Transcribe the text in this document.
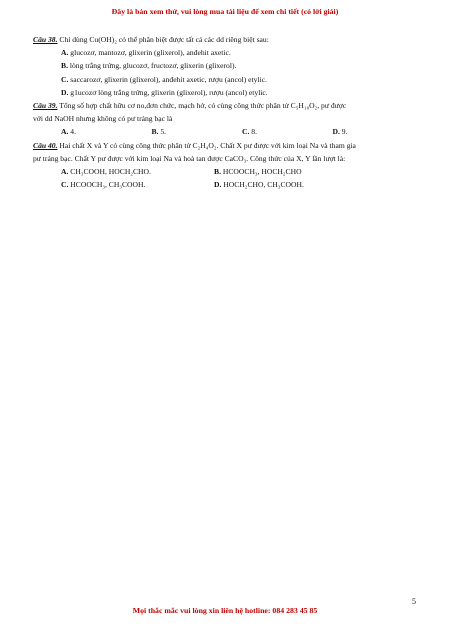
Đây là bản xem thử, vui lòng mua tài liệu để xem chi tiết (có lời giải)
Câu 38. Chỉ dùng Cu(OH)₂ có thể phân biệt được tất cả các dd riêng biệt sau:
A. glucozơ, mantozơ, glixerin (glixerol), anđehit axetic.
B. lòng trắng trứng, glucozơ, fructozơ, glixerin (glixerol).
C. saccarozơ, glixerin (glixerol), anđehit axetic, rượu (ancol) etylic.
D. g1ucozơ lòng trắng trứng, glixerin (glixerol), rượu (ancol) etylic.
Câu 39. Tổng số hợp chất hữu cơ no,đơn chức, mạch hở, có cùng công thức phân tử C₅H₁₀O₂, pư được
với dd NaOH nhưng không có pư tráng bạc là
A. 4.	B. 5.	C. 8.	D. 9.
Câu 40. Hai chất X và Y có cùng công thức phân tử C₂H₄O₂. Chất X pư được với kim loại Na và tham gia
pư tráng bạc. Chất Y pư được với kim loại Na và hoà tan được CaCO₃. Công thức của X, Y lần lượt là:
A. CH₃COOH, HOCH₂CHO.	B. HCOOCH₃, HOCH₂CHO
C. HCOOCH₃, CH₃COOH.	D. HOCH₂CHO, CH₃COOH.
5
Mọi thắc mắc vui lòng xin liên hệ hotline: 084 283 45 85
